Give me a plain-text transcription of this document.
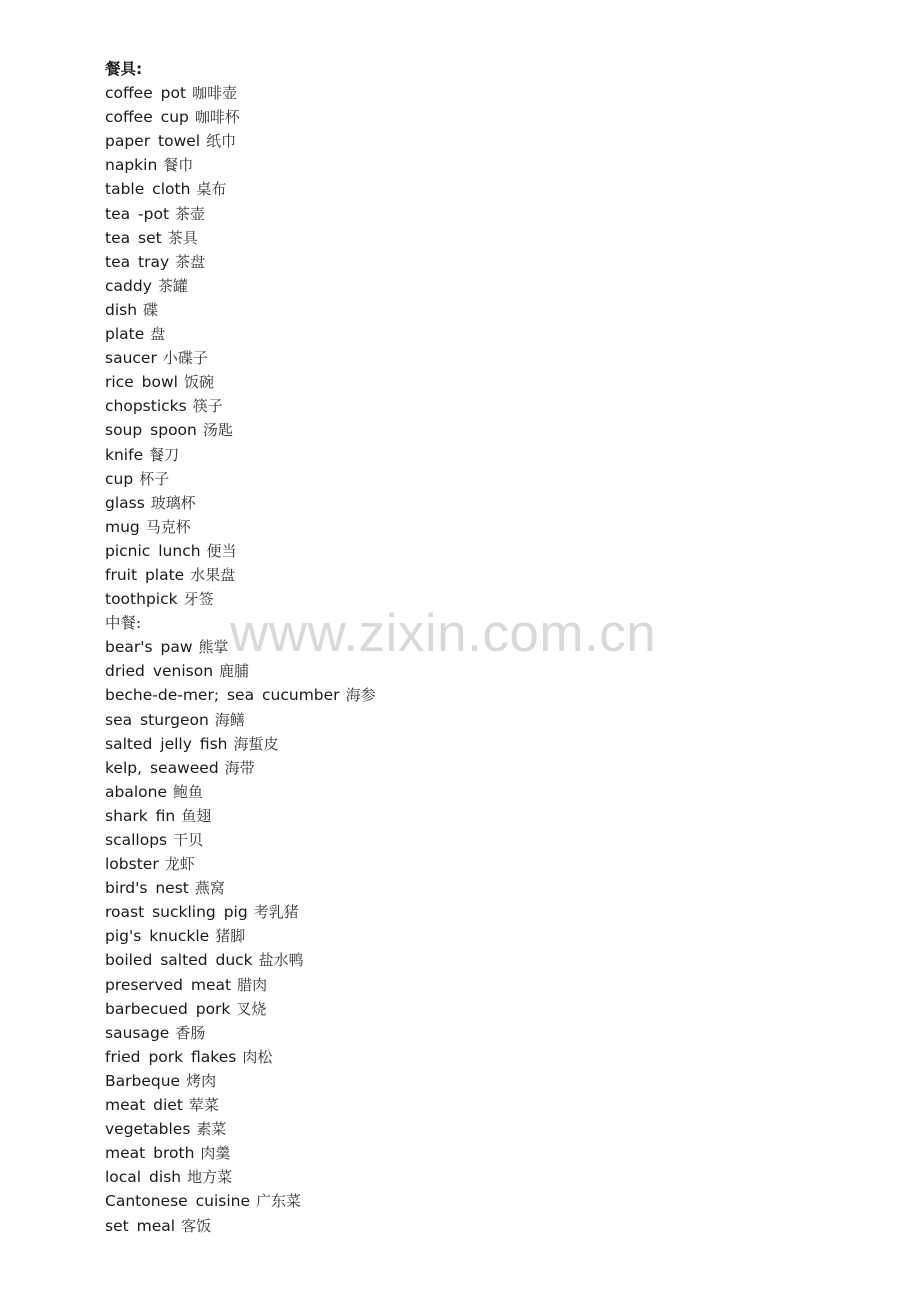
餐具:
coffee pot 咖啡壶
coffee cup 咖啡杯
paper towel 纸巾
napkin 餐巾
table cloth 桌布
tea -pot 茶壶
tea set 茶具
tea tray 茶盘
caddy 茶罐
dish 碟
plate 盘
saucer 小碟子
rice bowl 饭碗
chopsticks 筷子
soup spoon 汤匙
knife 餐刀
cup 杯子
glass 玻璃杯
mug 马克杯
picnic lunch 便当
fruit plate 水果盘
toothpick 牙签
中餐:
bear's paw 熊掌
dried venison 鹿脯
beche-de-mer; sea cucumber 海参
sea sturgeon 海鳝
salted jelly fish 海蜇皮
kelp, seaweed 海带
abalone 鲍鱼
shark fin 鱼翅
scallops 干贝
lobster 龙虾
bird's nest 燕窝
roast suckling pig 考乳猪
pig's knuckle 猪脚
boiled salted duck 盐水鸭
preserved meat 腊肉
barbecued pork 叉烧
sausage 香肠
fried pork flakes 肉松
Barbeque 烤肉
meat diet 荤菜
vegetables 素菜
meat broth 肉羹
local dish 地方菜
Cantonese cuisine 广东菜
set meal 客饭
www.zixin.com.cn
